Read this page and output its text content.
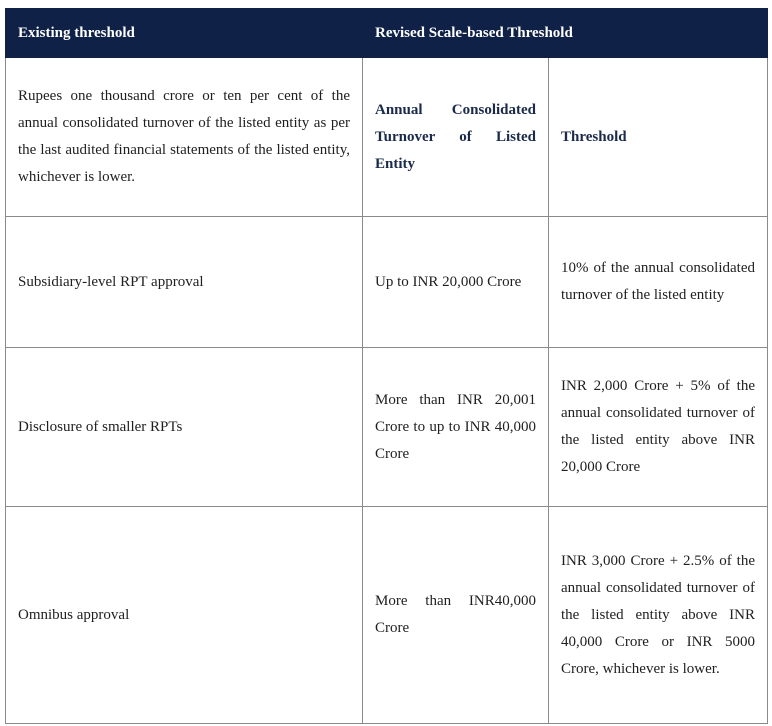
Existing threshold	Revised Scale-based Threshold	
Rupees one thousand crore or ten per cent of the annual consolidated turnover of the listed entity as per the last audited financial statements of the listed entity, whichever is lower.	Annual Consolidated Turnover of Listed Entity	Threshold
Subsidiary-level RPT approval	Up to INR 20,000 Crore	10% of the annual consolidated turnover of the listed entity
Disclosure of smaller RPTs	More than INR 20,001 Crore to up to INR 40,000 Crore	INR 2,000 Crore + 5% of the annual consolidated turnover of the listed entity above INR 20,000 Crore
Omnibus approval	More than INR40,000 Crore	INR 3,000 Crore + 2.5% of the annual consolidated turnover of the listed entity above INR 40,000 Crore or INR 5000 Crore, whichever is lower.
